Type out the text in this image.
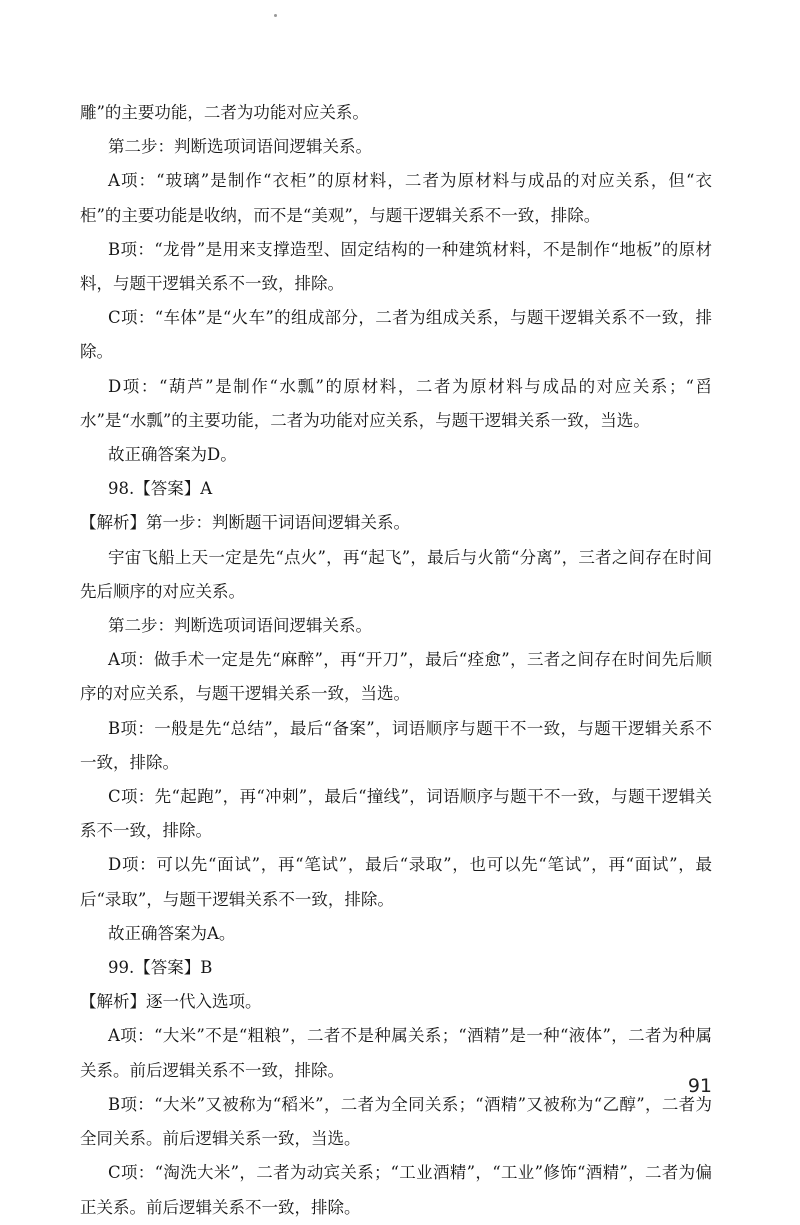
雕”的主要功能，二者为功能对应关系。

第二步：判断选项词语间逻辑关系。

A项：“玻璃”是制作“衣柜”的原材料，二者为原材料与成品的对应关系，但“衣柜”的主要功能是收纳，而不是“美观”，与题干逻辑关系不一致，排除。

B项：“龙骨”是用来支撑造型、固定结构的一种建筑材料，不是制作“地板”的原材料，与题干逻辑关系不一致，排除。

C项：“车体”是“火车”的组成部分，二者为组成关系，与题干逻辑关系不一致，排除。

D项：“葫芦”是制作“水瓢”的原材料，二者为原材料与成品的对应关系；“舀水”是“水瓢”的主要功能，二者为功能对应关系，与题干逻辑关系一致，当选。

故正确答案为D。

98.【答案】A

【解析】第一步：判断题干词语间逻辑关系。

宇宙飞船上天一定是先“点火”，再“起飞”，最后与火箭“分离”，三者之间存在时间先后顺序的对应关系。

第二步：判断选项词语间逻辑关系。

A项：做手术一定是先“麻醉”，再“开刀”，最后“痊愈”，三者之间存在时间先后顺序的对应关系，与题干逻辑关系一致，当选。

B项：一般是先“总结”，最后“备案”，词语顺序与题干不一致，与题干逻辑关系不一致，排除。

C项：先“起跑”，再“冲刺”，最后“撞线”，词语顺序与题干不一致，与题干逻辑关系不一致，排除。

D项：可以先“面试”，再“笔试”，最后“录取”，也可以先“笔试”，再“面试”，最后“录取”，与题干逻辑关系不一致，排除。

故正确答案为A。

99.【答案】B

【解析】逐一代入选项。

A项：“大米”不是“粗粮”，二者不是种属关系；“酒精”是一种“液体”，二者为种属关系。前后逻辑关系不一致，排除。

B项：“大米”又被称为“稻米”，二者为全同关系；“酒精”又被称为“乙醇”，二者为全同关系。前后逻辑关系一致，当选。

C项：“淘洗大米”，二者为动宾关系；“工业酒精”，“工业”修饰“酒精”，二者为偏正关系。前后逻辑关系不一致，排除。

91
